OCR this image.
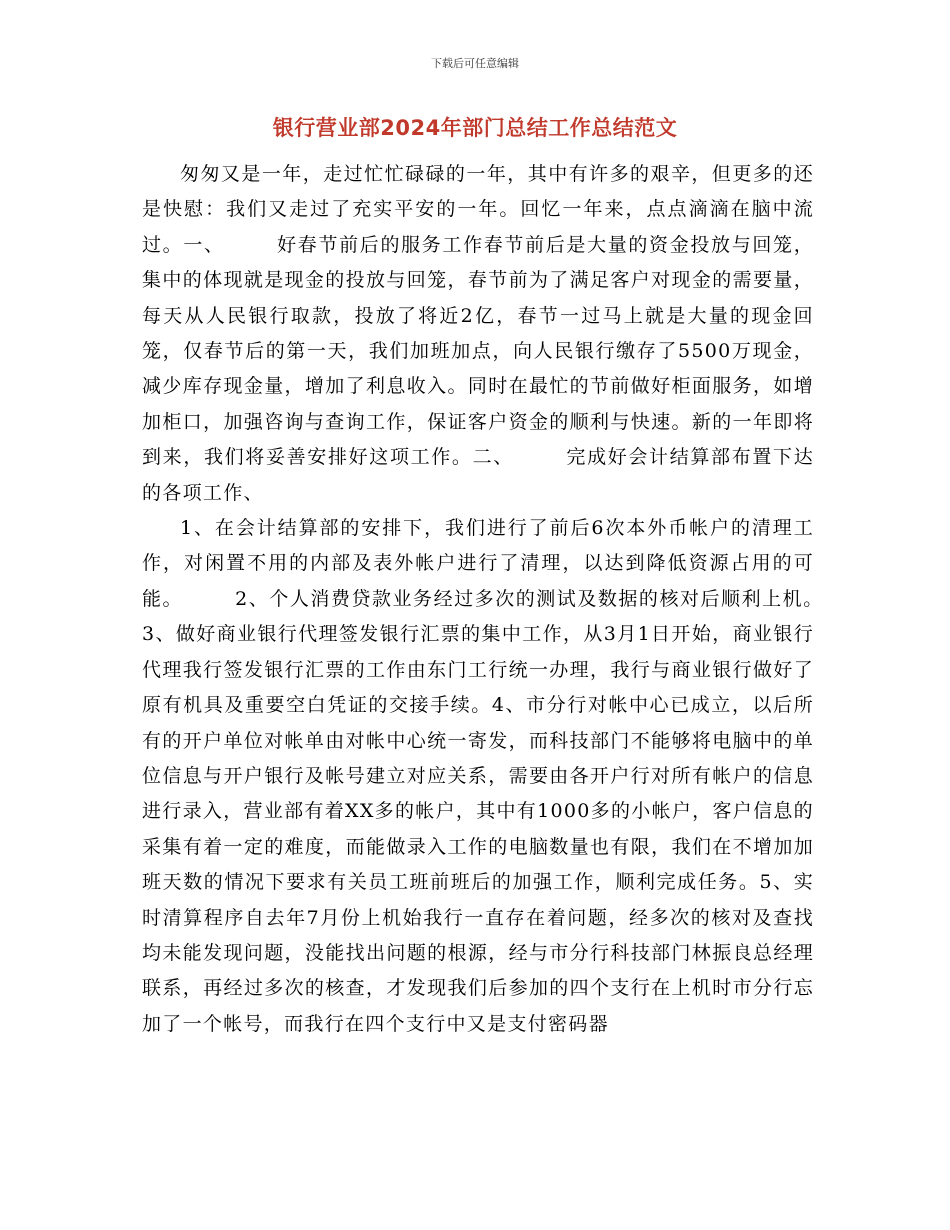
下载后可任意编辑
银行营业部2024年部门总结工作总结范文

匆匆又是一年，走过忙忙碌碌的一年，其中有许多的艰辛，但更多的还是快慰：我们又走过了充实平安的一年。回忆一年来，点点滴滴在脑中流过。一、　　　好春节前后的服务工作春节前后是大量的资金投放与回笼，集中的体现就是现金的投放与回笼，春节前为了满足客户对现金的需要量，每天从人民银行取款，投放了将近2亿，春节一过马上就是大量的现金回笼，仅春节后的第一天，我们加班加点，向人民银行缴存了5500万现金，减少库存现金量，增加了利息收入。同时在最忙的节前做好柜面服务，如增加柜口，加强咨询与查询工作，保证客户资金的顺利与快速。新的一年即将到来，我们将妥善安排好这项工作。二、　　　完成好会计结算部布置下达的各项工作、

1、在会计结算部的安排下，我们进行了前后6次本外币帐户的清理工作，对闲置不用的内部及表外帐户进行了清理，以达到降低资源占用的可能。　　　2、个人消费贷款业务经过多次的测试及数据的核对后顺利上机。　　　3、做好商业银行代理签发银行汇票的集中工作，从3月1日开始，商业银行代理我行签发银行汇票的工作由东门工行统一办理，我行与商业银行做好了原有机具及重要空白凭证的交接手续。4、市分行对帐中心已成立，以后所有的开户单位对帐单由对帐中心统一寄发，而科技部门不能够将电脑中的单位信息与开户银行及帐号建立对应关系，需要由各开户行对所有帐户的信息进行录入，营业部有着XX多的帐户，其中有1000多的小帐户，客户信息的采集有着一定的难度，而能做录入工作的电脑数量也有限，我们在不增加加班天数的情况下要求有关员工班前班后的加强工作，顺利完成任务。5、实时清算程序自去年7月份上机始我行一直存在着问题，经多次的核对及查找均未能发现问题，没能找出问题的根源，经与市分行科技部门林振良总经理联系，再经过多次的核查，才发现我们后参加的四个支行在上机时市分行忘加了一个帐号，而我行在四个支行中又是支付密码器
